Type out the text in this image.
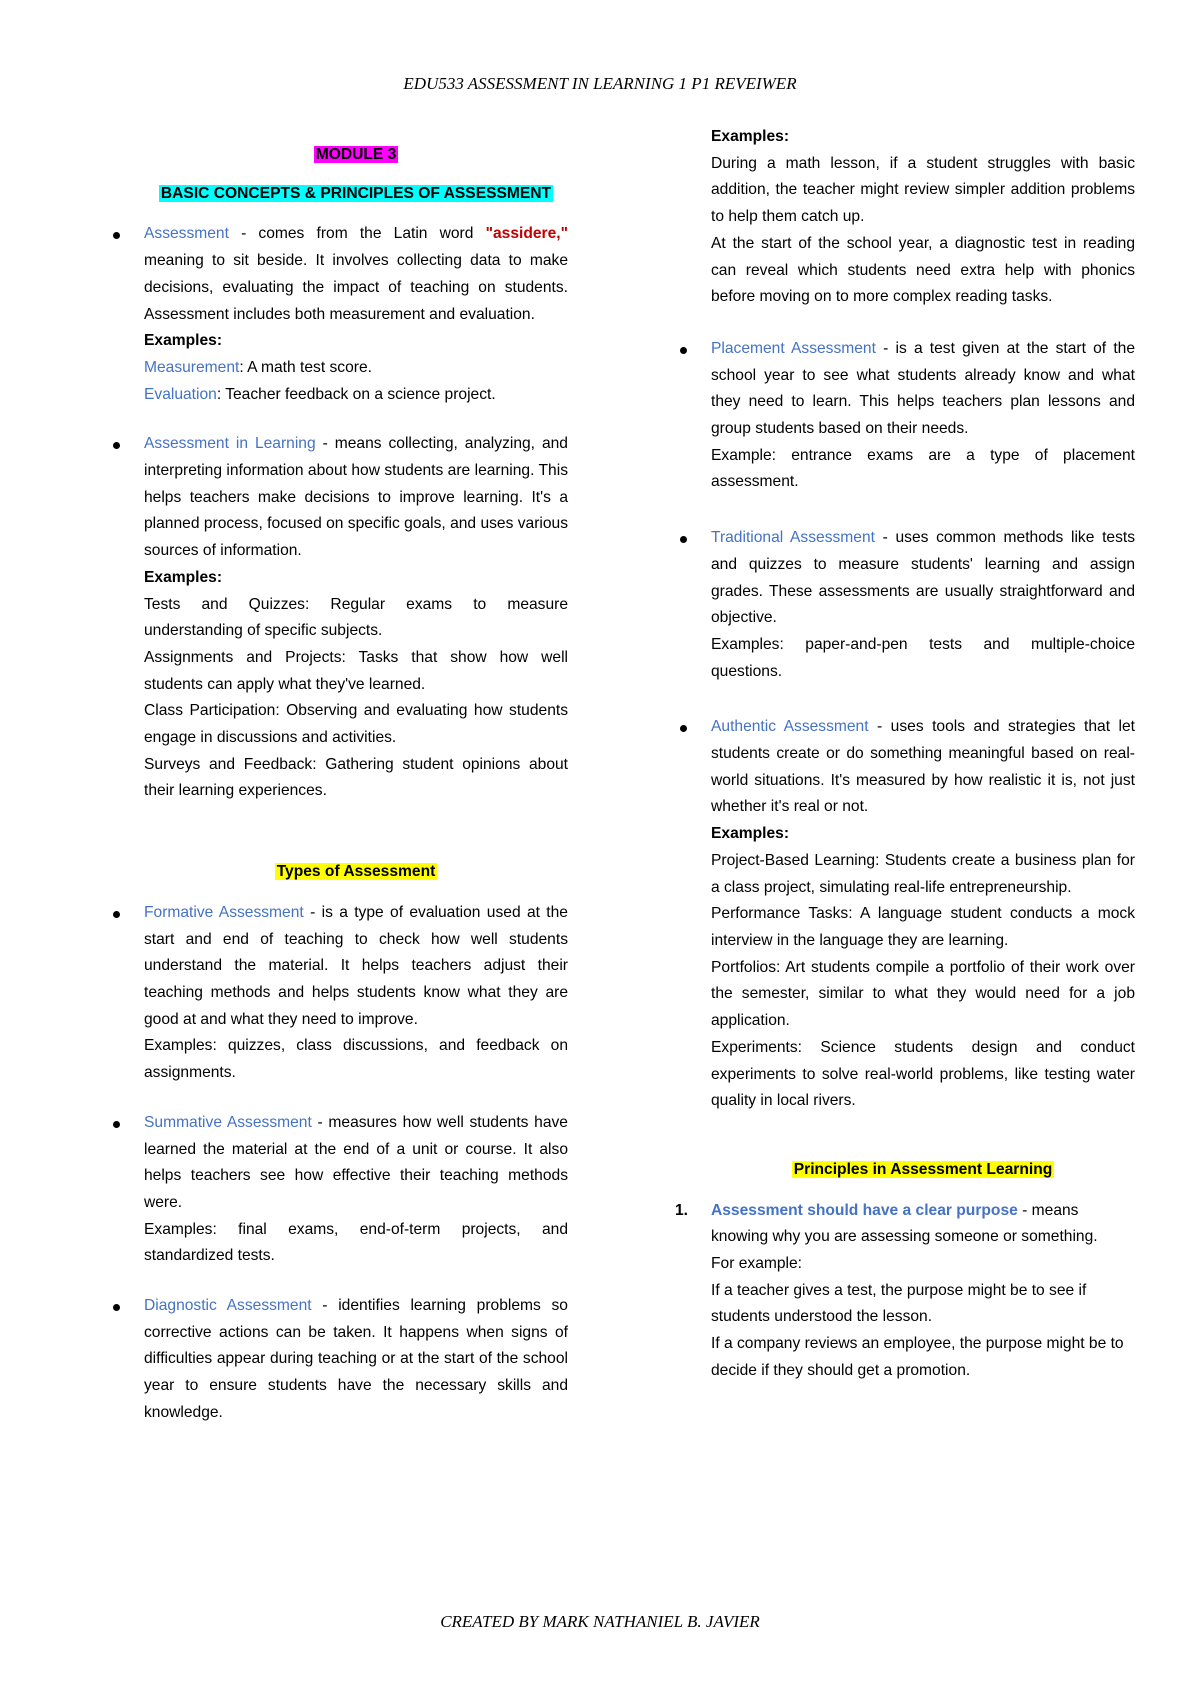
EDU533 ASSESSMENT IN LEARNING 1 P1 REVEIWER
MODULE 3
BASIC CONCEPTS & PRINCIPLES OF ASSESSMENT
Assessment - comes from the Latin word "assidere," meaning to sit beside. It involves collecting data to make decisions, evaluating the impact of teaching on students. Assessment includes both measurement and evaluation.
Examples:
Measurement: A math test score.
Evaluation: Teacher feedback on a science project.
Assessment in Learning - means collecting, analyzing, and interpreting information about how students are learning. This helps teachers make decisions to improve learning. It's a planned process, focused on specific goals, and uses various sources of information.
Examples:
Tests and Quizzes: Regular exams to measure understanding of specific subjects.
Assignments and Projects: Tasks that show how well students can apply what they've learned.
Class Participation: Observing and evaluating how students engage in discussions and activities.
Surveys and Feedback: Gathering student opinions about their learning experiences.
Types of Assessment
Formative Assessment - is a type of evaluation used at the start and end of teaching to check how well students understand the material. It helps teachers adjust their teaching methods and helps students know what they are good at and what they need to improve.
Examples: quizzes, class discussions, and feedback on assignments.
Summative Assessment - measures how well students have learned the material at the end of a unit or course. It also helps teachers see how effective their teaching methods were.
Examples: final exams, end-of-term projects, and standardized tests.
Diagnostic Assessment - identifies learning problems so corrective actions can be taken. It happens when signs of difficulties appear during teaching or at the start of the school year to ensure students have the necessary skills and knowledge.
Examples:
During a math lesson, if a student struggles with basic addition, the teacher might review simpler addition problems to help them catch up.
At the start of the school year, a diagnostic test in reading can reveal which students need extra help with phonics before moving on to more complex reading tasks.
Placement Assessment - is a test given at the start of the school year to see what students already know and what they need to learn. This helps teachers plan lessons and group students based on their needs.
Example: entrance exams are a type of placement assessment.
Traditional Assessment - uses common methods like tests and quizzes to measure students' learning and assign grades. These assessments are usually straightforward and objective.
Examples: paper-and-pen tests and multiple-choice questions.
Authentic Assessment - uses tools and strategies that let students create or do something meaningful based on real-world situations. It's measured by how realistic it is, not just whether it's real or not.
Examples:
Project-Based Learning: Students create a business plan for a class project, simulating real-life entrepreneurship.
Performance Tasks: A language student conducts a mock interview in the language they are learning.
Portfolios: Art students compile a portfolio of their work over the semester, similar to what they would need for a job application.
Experiments: Science students design and conduct experiments to solve real-world problems, like testing water quality in local rivers.
Principles in Assessment Learning
1. Assessment should have a clear purpose - means knowing why you are assessing someone or something.
For example:
If a teacher gives a test, the purpose might be to see if students understood the lesson.
If a company reviews an employee, the purpose might be to decide if they should get a promotion.
CREATED BY MARK NATHANIEL B. JAVIER
